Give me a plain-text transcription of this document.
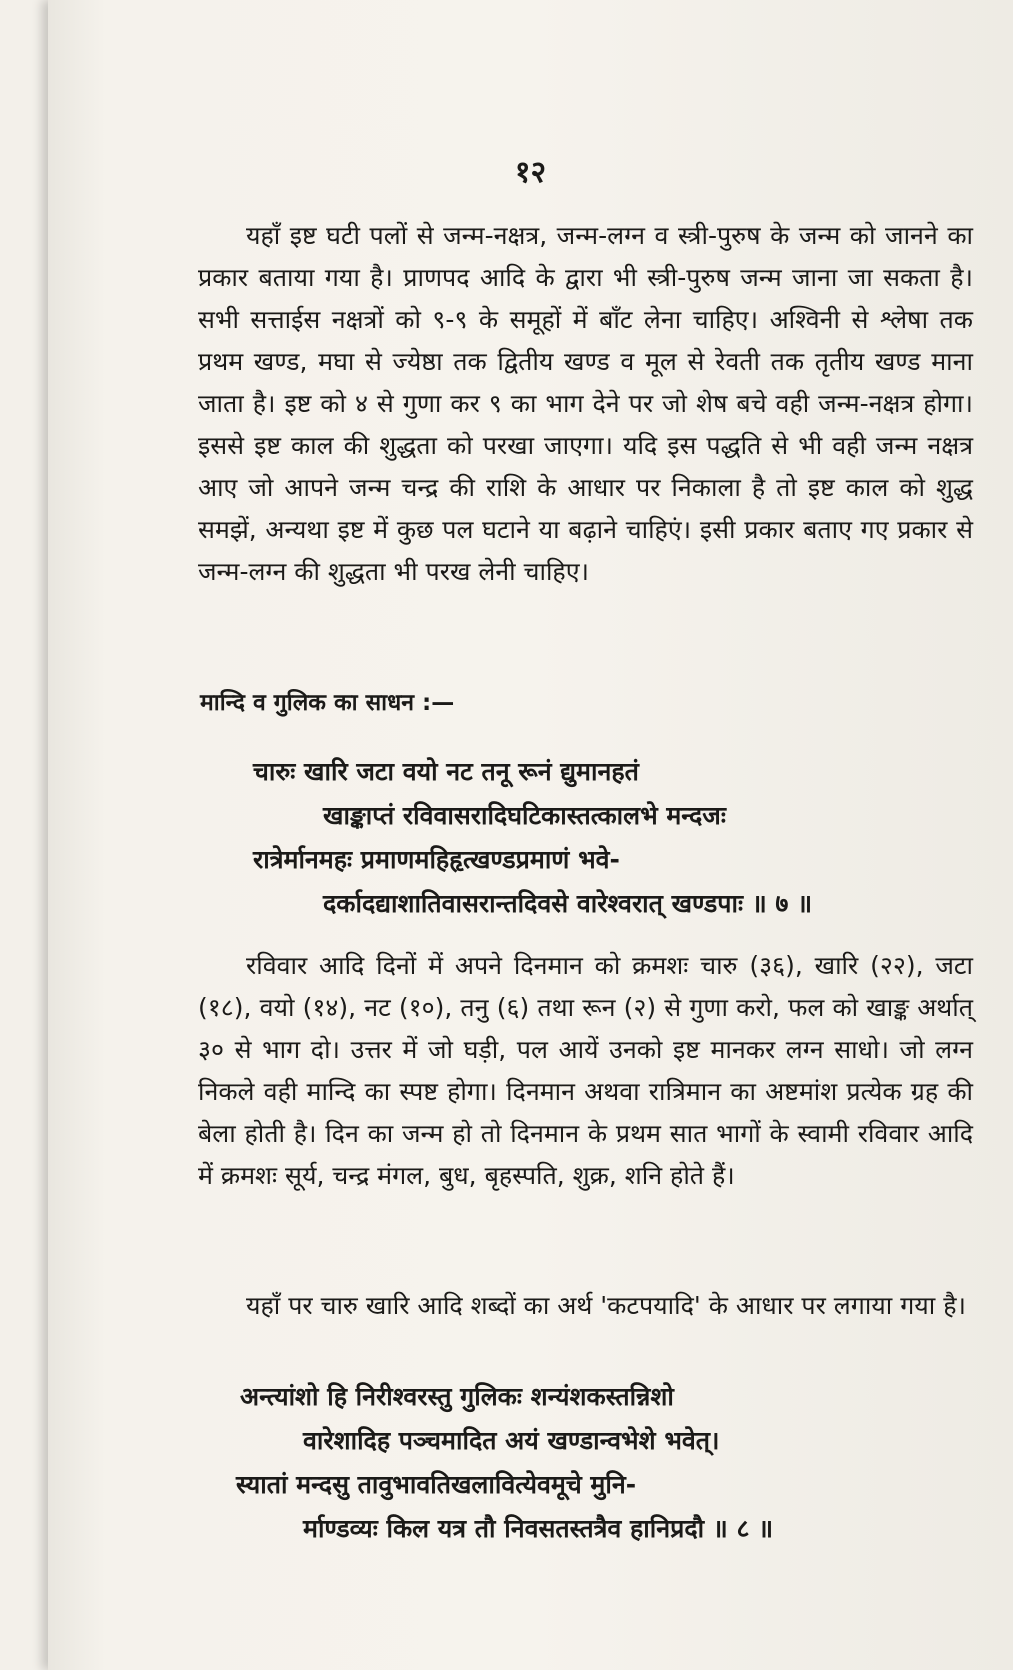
१२

यहाँ इष्ट घटी पलों से जन्म-नक्षत्र, जन्म-लग्न व स्त्री-पुरुष के जन्म को जानने का प्रकार बताया गया है। प्राणपद आदि के द्वारा भी स्त्री-पुरुष जन्म जाना जा सकता है। सभी सत्ताईस नक्षत्रों को ९-९ के समूहों में बाँट लेना चाहिए। अश्विनी से श्लेषा तक प्रथम खण्ड, मघा से ज्येष्ठा तक द्वितीय खण्ड व मूल से रेवती तक तृतीय खण्ड माना जाता है। इष्ट को ४ से गुणा कर ९ का भाग देने पर जो शेष बचे वही जन्म-नक्षत्र होगा। इससे इष्ट काल की शुद्धता को परखा जाएगा। यदि इस पद्धति से भी वही जन्म नक्षत्र आए जो आपने जन्म चन्द्र की राशि के आधार पर निकाला है तो इष्ट काल को शुद्ध समझें, अन्यथा इष्ट में कुछ पल घटाने या बढ़ाने चाहिएं। इसी प्रकार बताए गए प्रकार से जन्म-लग्न की शुद्धता भी परख लेनी चाहिए।

मान्दि व गुलिक का साधन :—
चारुः खारि जटा वयो नट तनू रूनं द्युमानहतं
खाङ्काप्तं रविवासरादिघटिकास्तत्कालभे मन्दजः
रात्रेर्मानमहः प्रमाणमहिहृत्खण्डप्रमाणं भवे-
दर्कादद्याशातिवासरान्तदिवसे वारेश्वरात् खण्डपाः ॥ ७ ॥

रविवार आदि दिनों में अपने दिनमान को क्रमशः चारु (३६), खारि (२२), जटा (१८), वयो (१४), नट (१०), तनु (६) तथा रून (२) से गुणा करो, फल को खाङ्क अर्थात् ३० से भाग दो। उत्तर में जो घड़ी, पल आयें उनको इष्ट मानकर लग्न साधो। जो लग्न निकले वही मान्दि का स्पष्ट होगा। दिनमान अथवा रात्रिमान का अष्टमांश प्रत्येक ग्रह की बेला होती है। दिन का जन्म हो तो दिनमान के प्रथम सात भागों के स्वामी रविवार आदि में क्रमशः सूर्य, चन्द्र मंगल, बुध, बृहस्पति, शुक्र, शनि होते हैं।

यहाँ पर चारु खारि आदि शब्दों का अर्थ 'कटपयादि' के आधार पर लगाया गया है।

अन्त्यांशो हि निरीश्वरस्तु गुलिकः शन्यंशकस्तन्निशो
वारेशादिह पञ्चमादित अयं खण्डान्वभेशे भवेत्।
स्यातां मन्दसु तावुभावतिखलावित्येवमूचे मुनि-
र्माण्डव्यः किल यत्र तौ निवसतस्तत्रैव हानिप्रदौ ॥ ८ ॥
